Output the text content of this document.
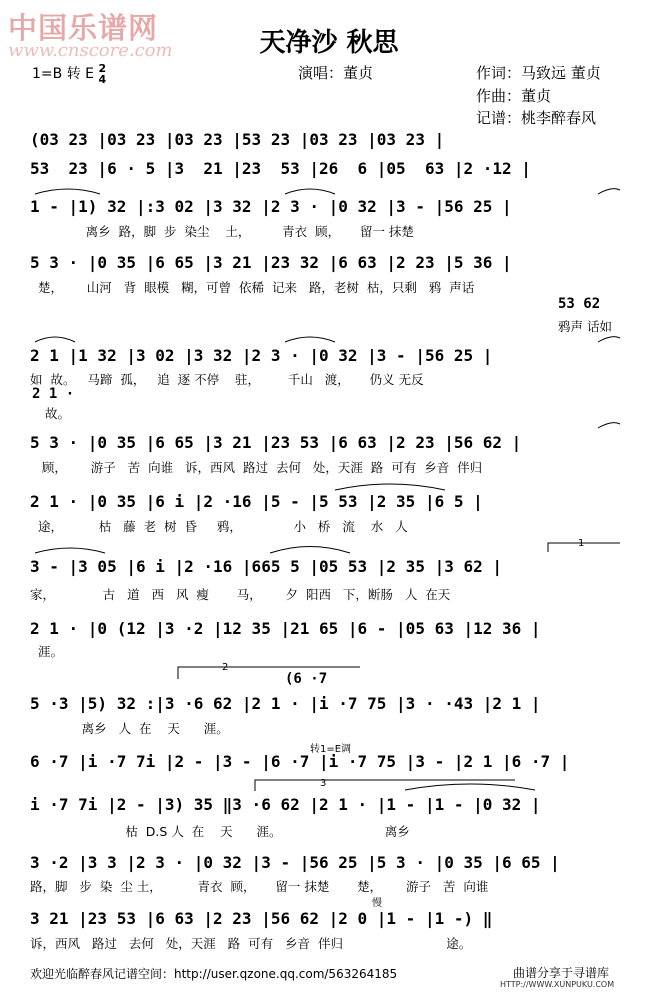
中国乐谱网
www.cnscore.com	天净沙 秋思
1=B 转 E 2
4	演唱：董贞	作词：马致远 董贞
作曲：董贞
记谱：桃李醉春风
(03 23 |03 23 |03 23 |53 23 |03 23 |03 23 |
53  23 |6 · 5 |3  21 |23  53 |26  6 |05  63 |2 ·12 |
1 - |1) 32 |:3 02 |3 32 |2 3 · |0 32 |3 - |56 25 |
离乡  路，脚  步  染尘    土，        青衣  顾，     留一 抹楚
5 3 · |0 35 |6 65 |3 21 |23 32 |6 63 |2 23 |5 36 |
楚，      山河   背  眼模   糊，可曾  依稀  记来   路，老树  枯，只剩   鸦  声话
53 62
鸦声 话如
2 1 |1 32 |3 02 |3 32 |2 3 · |0 32 |3 - |56 25 |
如  故。   马蹄  孤，   追  逐 不停    驻，       千山   渡，     仍义 无反
2 1 ·
故。
5 3 · |0 35 |6 65 |3 21 |23 53 |6 63 |2 23 |56 62 |
顾，      游子   苦  向谁   诉，西风  路过  去何   处，天涯  路  可有  乡音  伴归
2 1 · |0 35 |6 i |2 ·16 |5 - |5 53 |2 35 |6 5 |
途，         枯   藤  老  树  昏     鸦，             小   桥   流    水   人
3 - |3 05 |6 i |2 ·16 |665 5 |05 53 |2 35 |3 62 |
家，            古   道   西   风  瘦       马，      夕  阳西   下，断肠   人  在天
2 1 · |0 (12 |3 ·2 |12 35 |21 65 |6 - |05 63 |12 36 |
涯。
2
(6 ·7
5 ·3 |5) 32 :|3 ·6 62 |2 1 · |i ·7 75 |3 · ·43 |2 1 |
离乡   人  在    天      涯。
转1=E调
6 ·7 |i ·7 7i |2 - |3 - |6 ·7 |i ·7 75 |3 - |2 1 |6 ·7 |
3
i ·7 7i |2 - |3) 35 ‖3 ·6 62 |2 1 · |1 - |1 - |0 32 |
枯  D.S 人  在    天      涯。                          离乡
3 ·2 |3 3 |2 3 · |0 32 |3 - |56 25 |5 3 · |0 35 |6 65 |
路，脚   步  染  尘 土，         青衣  顾，     留一 抹楚       楚，      游子   苦  向谁
慢
3 21 |23 53 |6 63 |2 23 |56 62 |2 0 |1 - |1 -) ‖
诉，西风   路过   去何   处，天涯   路  可有   乡音  伴归                          途。
1
欢迎光临醉春风记谱空间：http://user.qzone.qq.com/563264185	曲谱分享于寻谱库
HTTP://WWW.XUNPUKU.COM
